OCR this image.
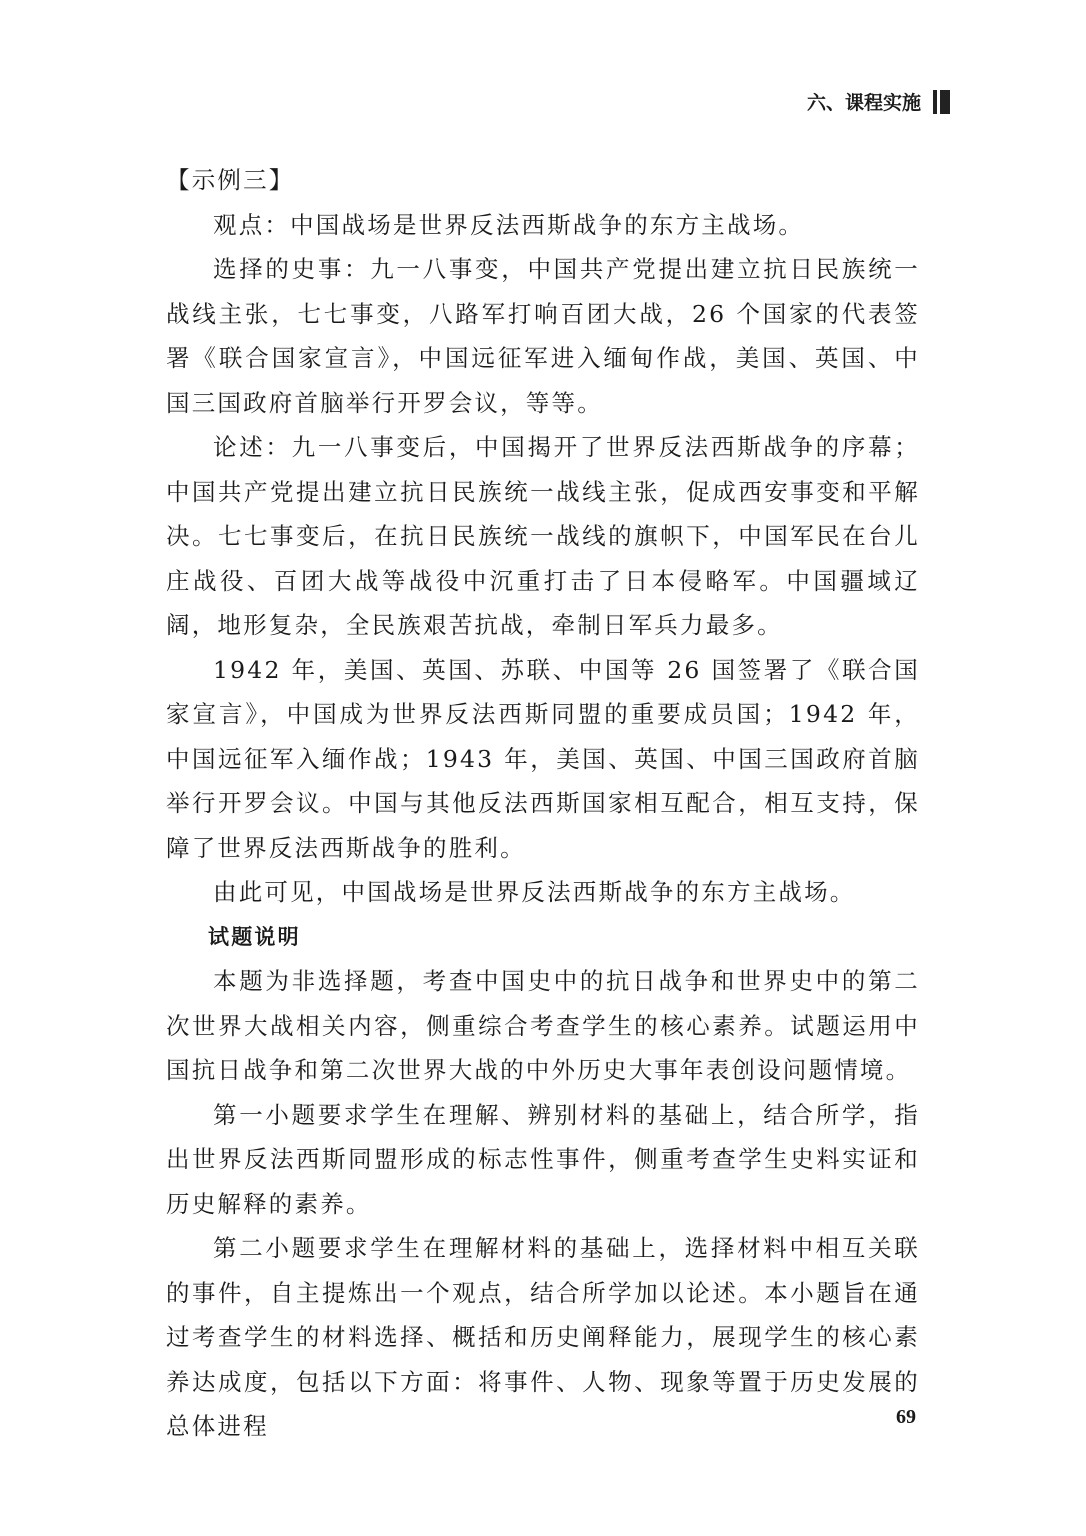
六、课程实施

【示例三】

观点：中国战场是世界反法西斯战争的东方主战场。

选择的史事：九一八事变，中国共产党提出建立抗日民族统一战线主张，七七事变，八路军打响百团大战，26 个国家的代表签署《联合国家宣言》，中国远征军进入缅甸作战，美国、英国、中国三国政府首脑举行开罗会议，等等。

论述：九一八事变后，中国揭开了世界反法西斯战争的序幕；中国共产党提出建立抗日民族统一战线主张，促成西安事变和平解决。七七事变后，在抗日民族统一战线的旗帜下，中国军民在台儿庄战役、百团大战等战役中沉重打击了日本侵略军。中国疆域辽阔，地形复杂，全民族艰苦抗战，牵制日军兵力最多。

1942 年，美国、英国、苏联、中国等 26 国签署了《联合国家宣言》，中国成为世界反法西斯同盟的重要成员国；1942 年，中国远征军入缅作战；1943 年，美国、英国、中国三国政府首脑举行开罗会议。中国与其他反法西斯国家相互配合，相互支持，保障了世界反法西斯战争的胜利。

由此可见，中国战场是世界反法西斯战争的东方主战场。

试题说明

本题为非选择题，考查中国史中的抗日战争和世界史中的第二次世界大战相关内容，侧重综合考查学生的核心素养。试题运用中国抗日战争和第二次世界大战的中外历史大事年表创设问题情境。

第一小题要求学生在理解、辨别材料的基础上，结合所学，指出世界反法西斯同盟形成的标志性事件，侧重考查学生史料实证和历史解释的素养。

第二小题要求学生在理解材料的基础上，选择材料中相互关联的事件，自主提炼出一个观点，结合所学加以论述。本小题旨在通过考查学生的材料选择、概括和历史阐释能力，展现学生的核心素养达成度，包括以下方面：将事件、人物、现象等置于历史发展的总体进程	69
